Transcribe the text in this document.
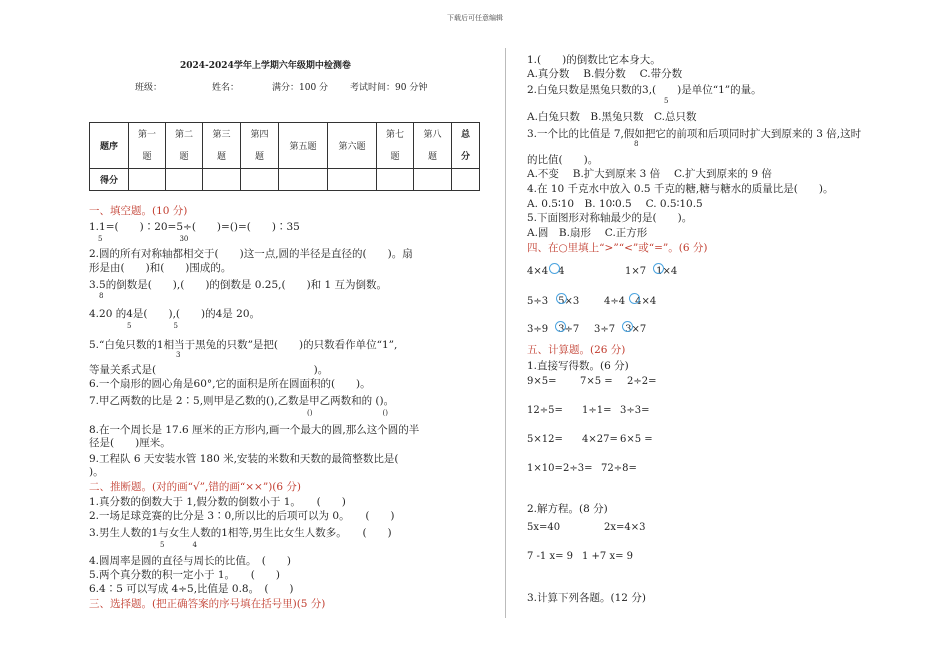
下载后可任意编辑
2024-2024学年上学期六年级期中检测卷
班级：	姓名：	满分：100 分 考试时间：90 分钟
题序	第一题	第二题	第三题	第四题	第五题	第六题	第七题	第八题	总分
得分									
一、填空题。(10 分)
1.1=(　　)∶20=5÷(　　)=()=(　　)∶35
5　　　　　　　　　　　30
2.圆的所有对称轴都相交于(　　)这一点,圆的半径是直径的(　　)。扇
形是由(　　)和(　　)围成的。
3.5的倒数是(　　),(　　)的倒数是 0.25,(　　)和 1 互为倒数。
8
4.20 的4是(　　),(　　)的4是 20。
5　　　　　　5
5.“白兔只数的1相当于黑兔的只数”是把(　　)的只数看作单位“1”,
3
等量关系式是(　　　　　　　　　　　　　　　)。
6.一个扇形的圆心角是60°,它的面积是所在圆面积的(　　)。
7.甲乙两数的比是 2∶5,则甲是乙数的(),乙数是甲乙两数和的 ()。
()　　　　　　　　　　()
8.在一个周长是 17.6 厘米的正方形内,画一个最大的圆,那么这个圆的半
径是(　　)厘米。
9.工程队 6 天安装水管 180 米,安装的米数和天数的最简整数比是(
)。
二、推断题。(对的画“√”,错的画“××”)(6 分)
1.真分数的倒数大于 1,假分数的倒数小于 1。　　(　　)
2.一场足球竞赛的比分是 3∶0,所以比的后项可以为 0。　　(　　)
3.男生人数的1与女生人数的1相等,男生比女生人数多。　　(　　)
5　　　　4
4.圆周率是圆的直径与周长的比值。　(　　)
5.两个真分数的积一定小于 1。　　(　　)
6.4∶5 可以写成 4÷5,比值是 0.8。　(　　)
三、选择题。(把正确答案的序号填在括号里)(5 分)
1.(　　)的倒数比它本身大。
A.真分数　 B.假分数　 C.带分数
2.白兔只数是黑兔只数的3,(　　)是单位“1”的量。
5
A.白兔只数　B.黑兔只数　C.总只数
3.一个比的比值是 7,假如把它的前项和后项同时扩大到原来的 3 倍,这时
8
的比值(　　)。
A.不变　 B.扩大到原来 3 倍　 C.扩大到原来的 9 倍
4.在 10 千克水中放入 0.5 千克的糖,糖与糖水的质量比是(　　)。
A. 0.5∶10　B. 10∶0.5　 C. 0.5∶10.5
5.下面图形对称轴最少的是(　　)。
A.圆　B.扇形　 C.正方形
四、在○里填上“>”“<”或“=”。(6 分)
4×4　4	1×7　1×4
5÷3　5×3 4÷4　4×4
3÷9　3÷7 3÷7　3×7
五、计算题。(26 分)
1.直接写得数。(6 分)
9×5= 7×5 = 2÷2=
12÷5= 1÷1= 3÷3=
5×12= 4×27= 6×5 =
1×10= 2÷3= 72÷8=
2.解方程。(8 分)
5x=40	2x=4×3
7 -1 x= 9 1 +7 x= 9
3.计算下列各题。(12 分)
